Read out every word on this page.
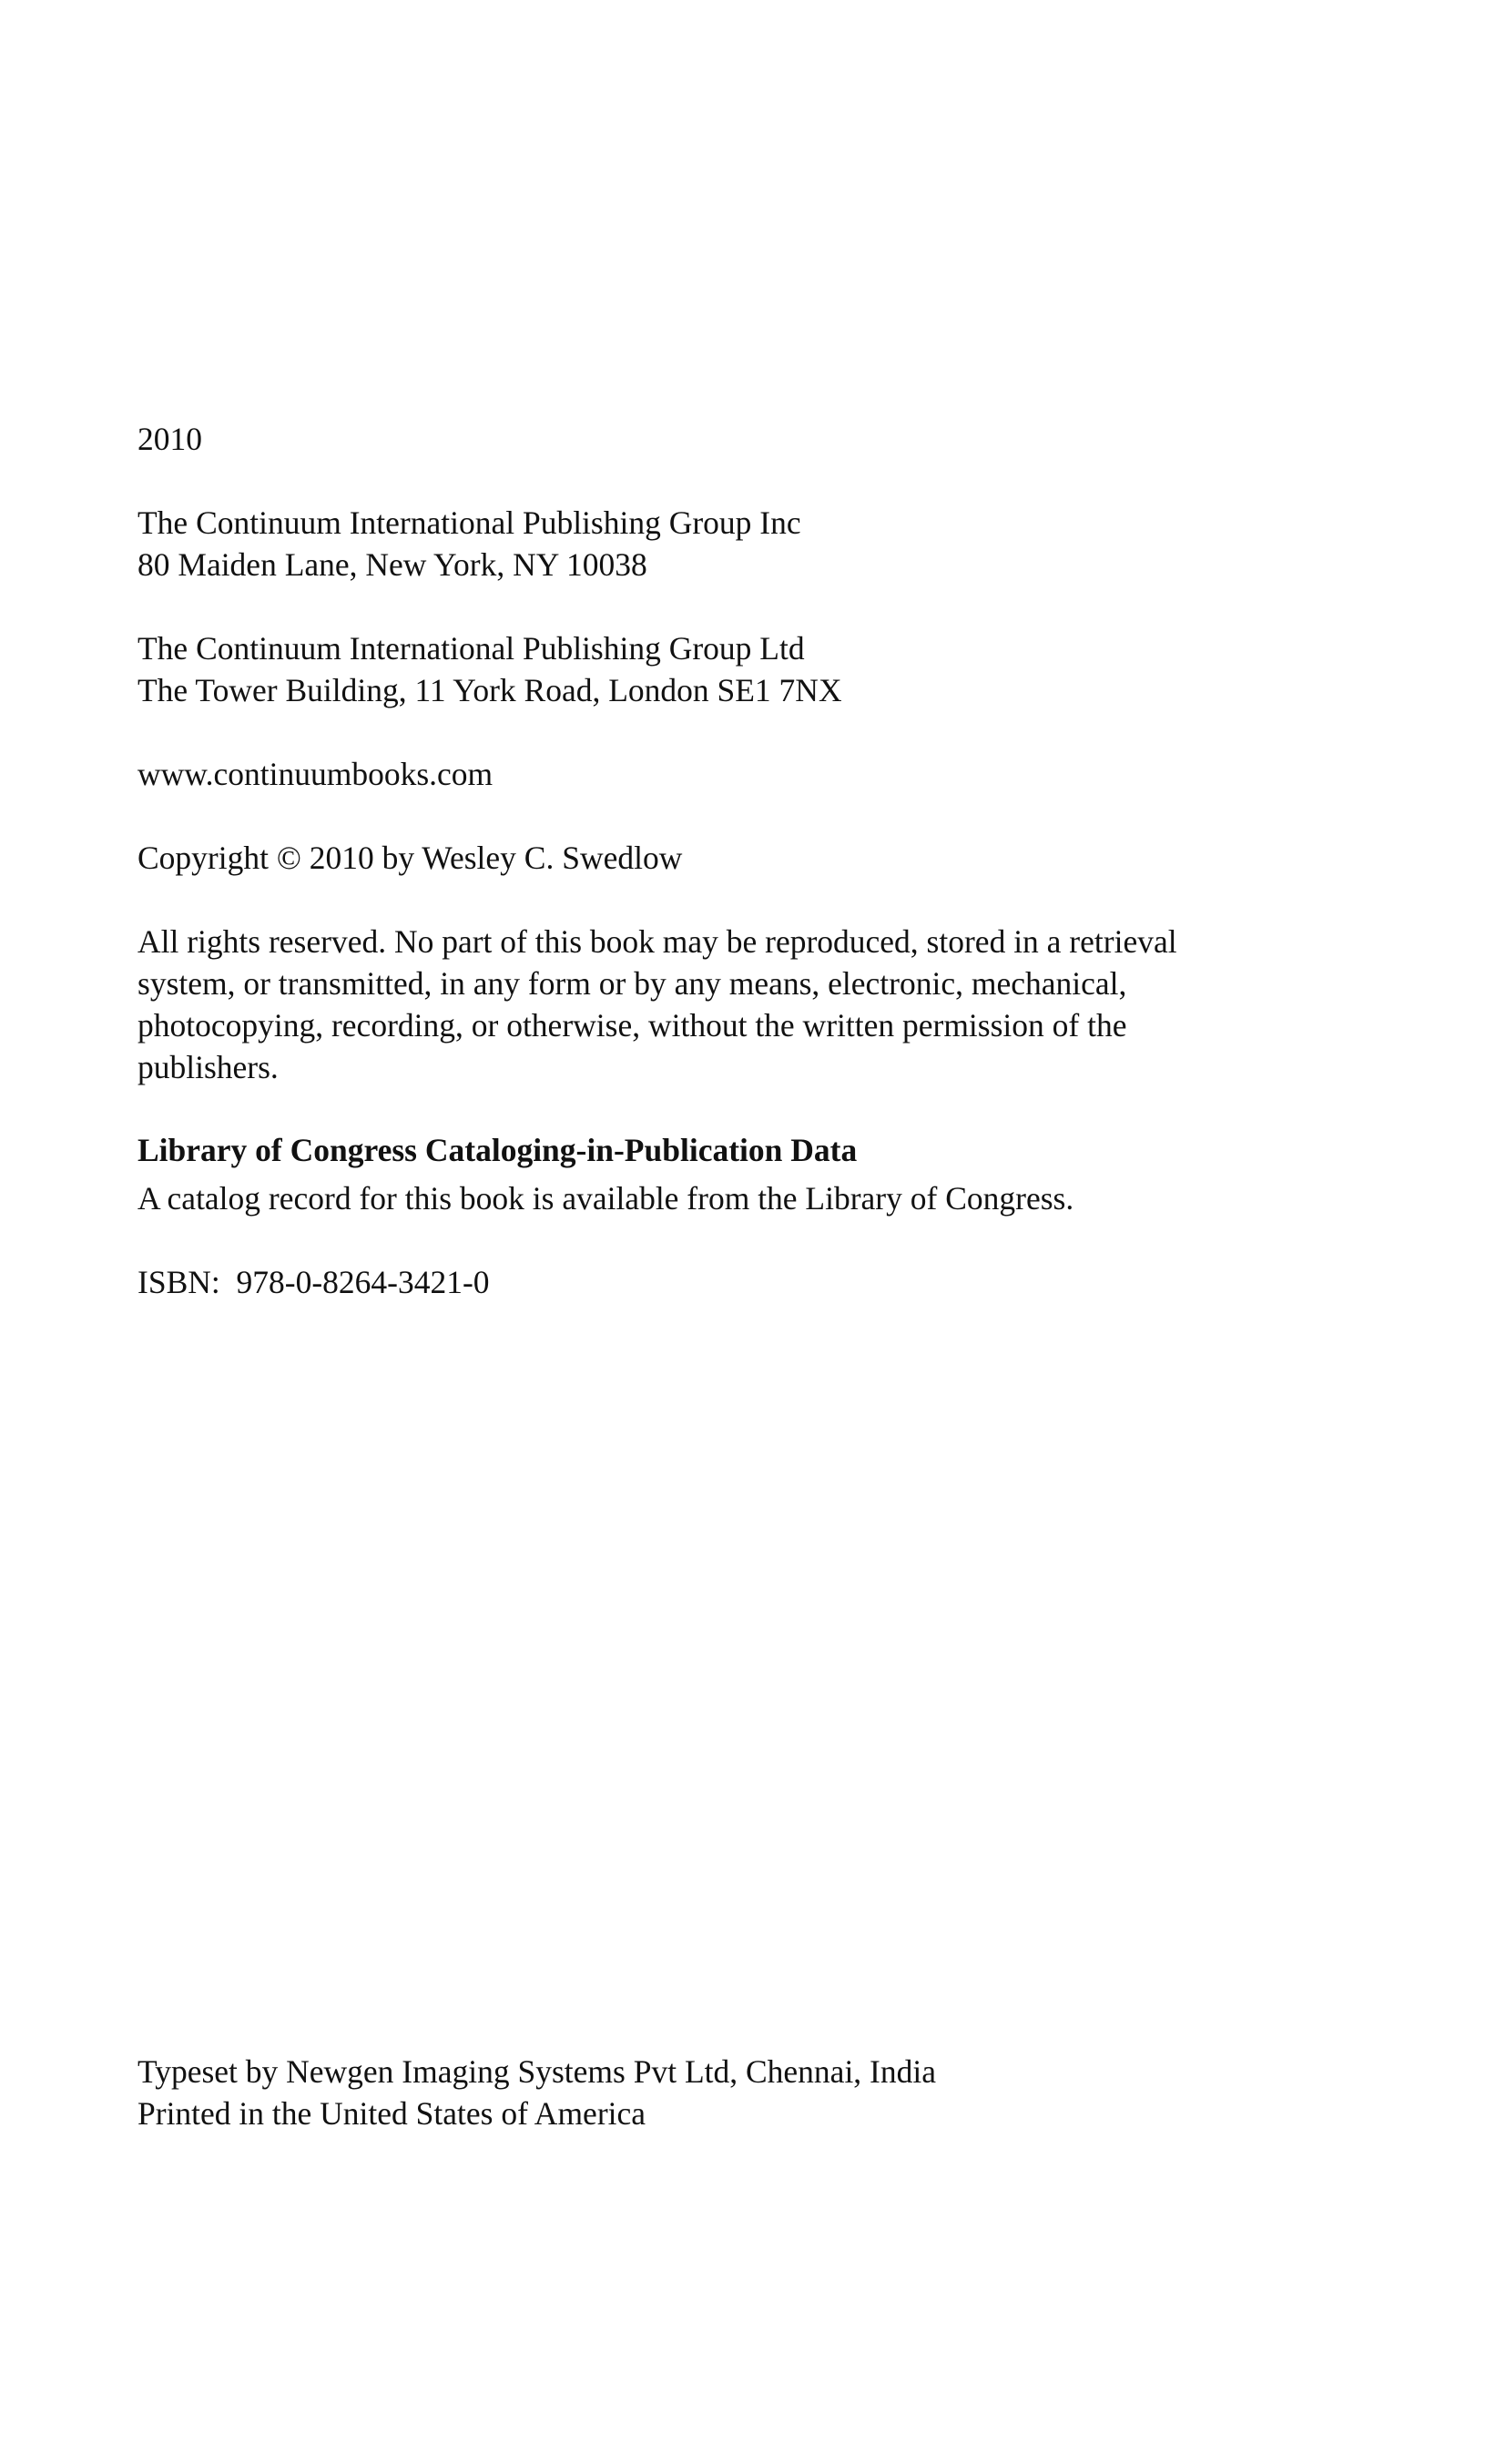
2010

The Continuum International Publishing Group Inc
80 Maiden Lane, New York, NY 10038

The Continuum International Publishing Group Ltd
The Tower Building, 11 York Road, London SE1 7NX

www.continuumbooks.com

Copyright © 2010 by Wesley C. Swedlow

All rights reserved. No part of this book may be reproduced, stored in a retrieval
system, or transmitted, in any form or by any means, electronic, mechanical,
photocopying, recording, or otherwise, without the written permission of the
publishers.

Library of Congress Cataloging-in-Publication Data

A catalog record for this book is available from the Library of Congress.

ISBN:  978-0-8264-3421-0

Typeset by Newgen Imaging Systems Pvt Ltd, Chennai, India
Printed in the United States of America
